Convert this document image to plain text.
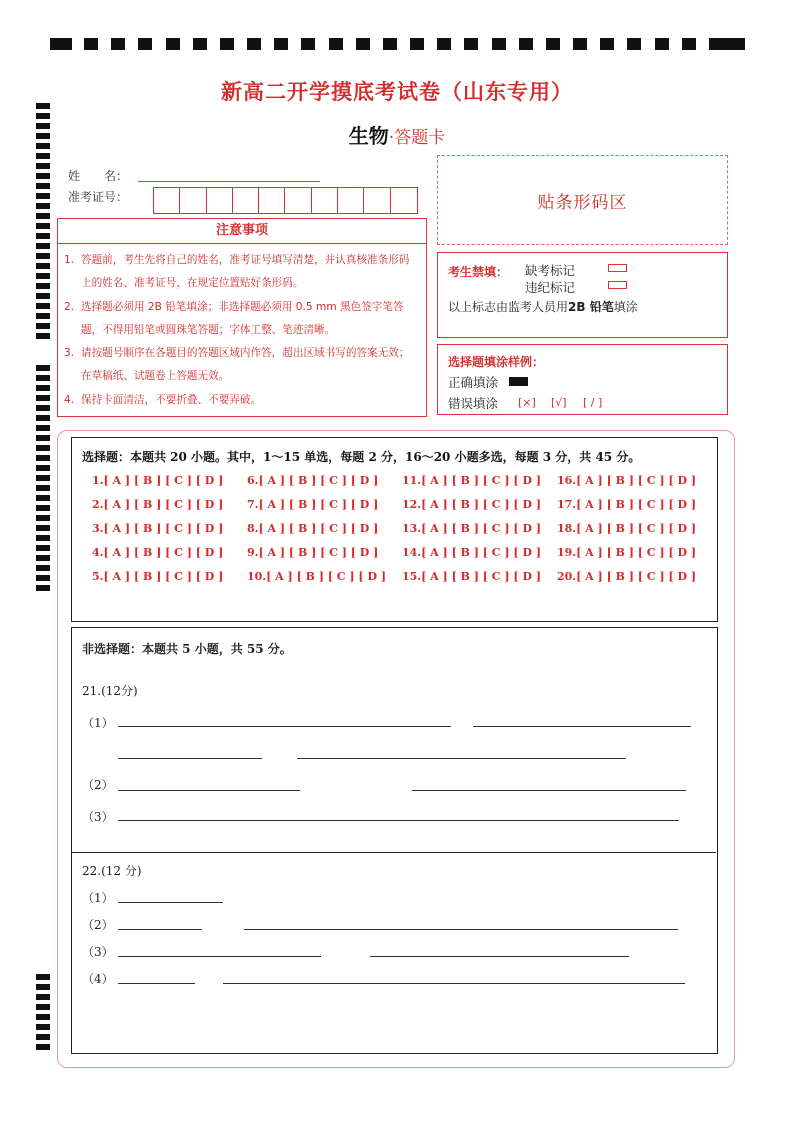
新高二开学摸底考试卷（山东专用）
生物·答题卡
姓　　名：
准考证号：	贴条形码区
注意事项
1. 答题前，考生先将自己的姓名，准考证号填写清楚，并认真核准条形码上的姓名、准考证号，在规定位置贴好条形码。
2. 选择题必须用 2B 铅笔填涂；非选择题必须用 0.5 mm 黑色签字笔答题，不得用铅笔或圆珠笔答题；字体工整、笔迹清晰。
3. 请按题号顺序在各题目的答题区域内作答，超出区域书写的答案无效；在草稿纸、试题卷上答题无效。
4. 保持卡面清洁，不要折叠、不要弄破。
考生禁填： 缺考标记
违纪标记
以上标志由监考人员用2B 铅笔填涂
选择题填涂样例：
正确填涂
错误填涂 [×] [√] [ / ]
选择题：本题共 20 小题。其中，1～15 单选，每题 2 分，16～20 小题多选，每题 3 分，共 45 分。
1.[ A ] [ B ] [ C ] [ D ]
2.[ A ] [ B ] [ C ] [ D ]
3.[ A ] [ B ] [ C ] [ D ]
4.[ A ] [ B ] [ C ] [ D ]
5.[ A ] [ B ] [ C ] [ D ]
6.[ A ] [ B ] [ C ] [ D ]
7.[ A ] [ B ] [ C ] [ D ]
8.[ A ] [ B ] [ C ] [ D ]
9.[ A ] [ B ] [ C ] [ D ]
10.[ A ] [ B ] [ C ] [ D ]
11.[ A ] [ B ] [ C ] [ D ]
12.[ A ] [ B ] [ C ] [ D ]
13.[ A ] [ B ] [ C ] [ D ]
14.[ A ] [ B ] [ C ] [ D ]
15.[ A ] [ B ] [ C ] [ D ]
16.[ A ] [ B ] [ C ] [ D ]
17.[ A ] [ B ] [ C ] [ D ]
18.[ A ] [ B ] [ C ] [ D ]
19.[ A ] [ B ] [ C ] [ D ]
20.[ A ] [ B ] [ C ] [ D ]
非选择题：本题共 5 小题，共 55 分。
21.(12分)
（1）
（2）
（3）
22.(12 分)
（1）
（2）
（3）
（4）
